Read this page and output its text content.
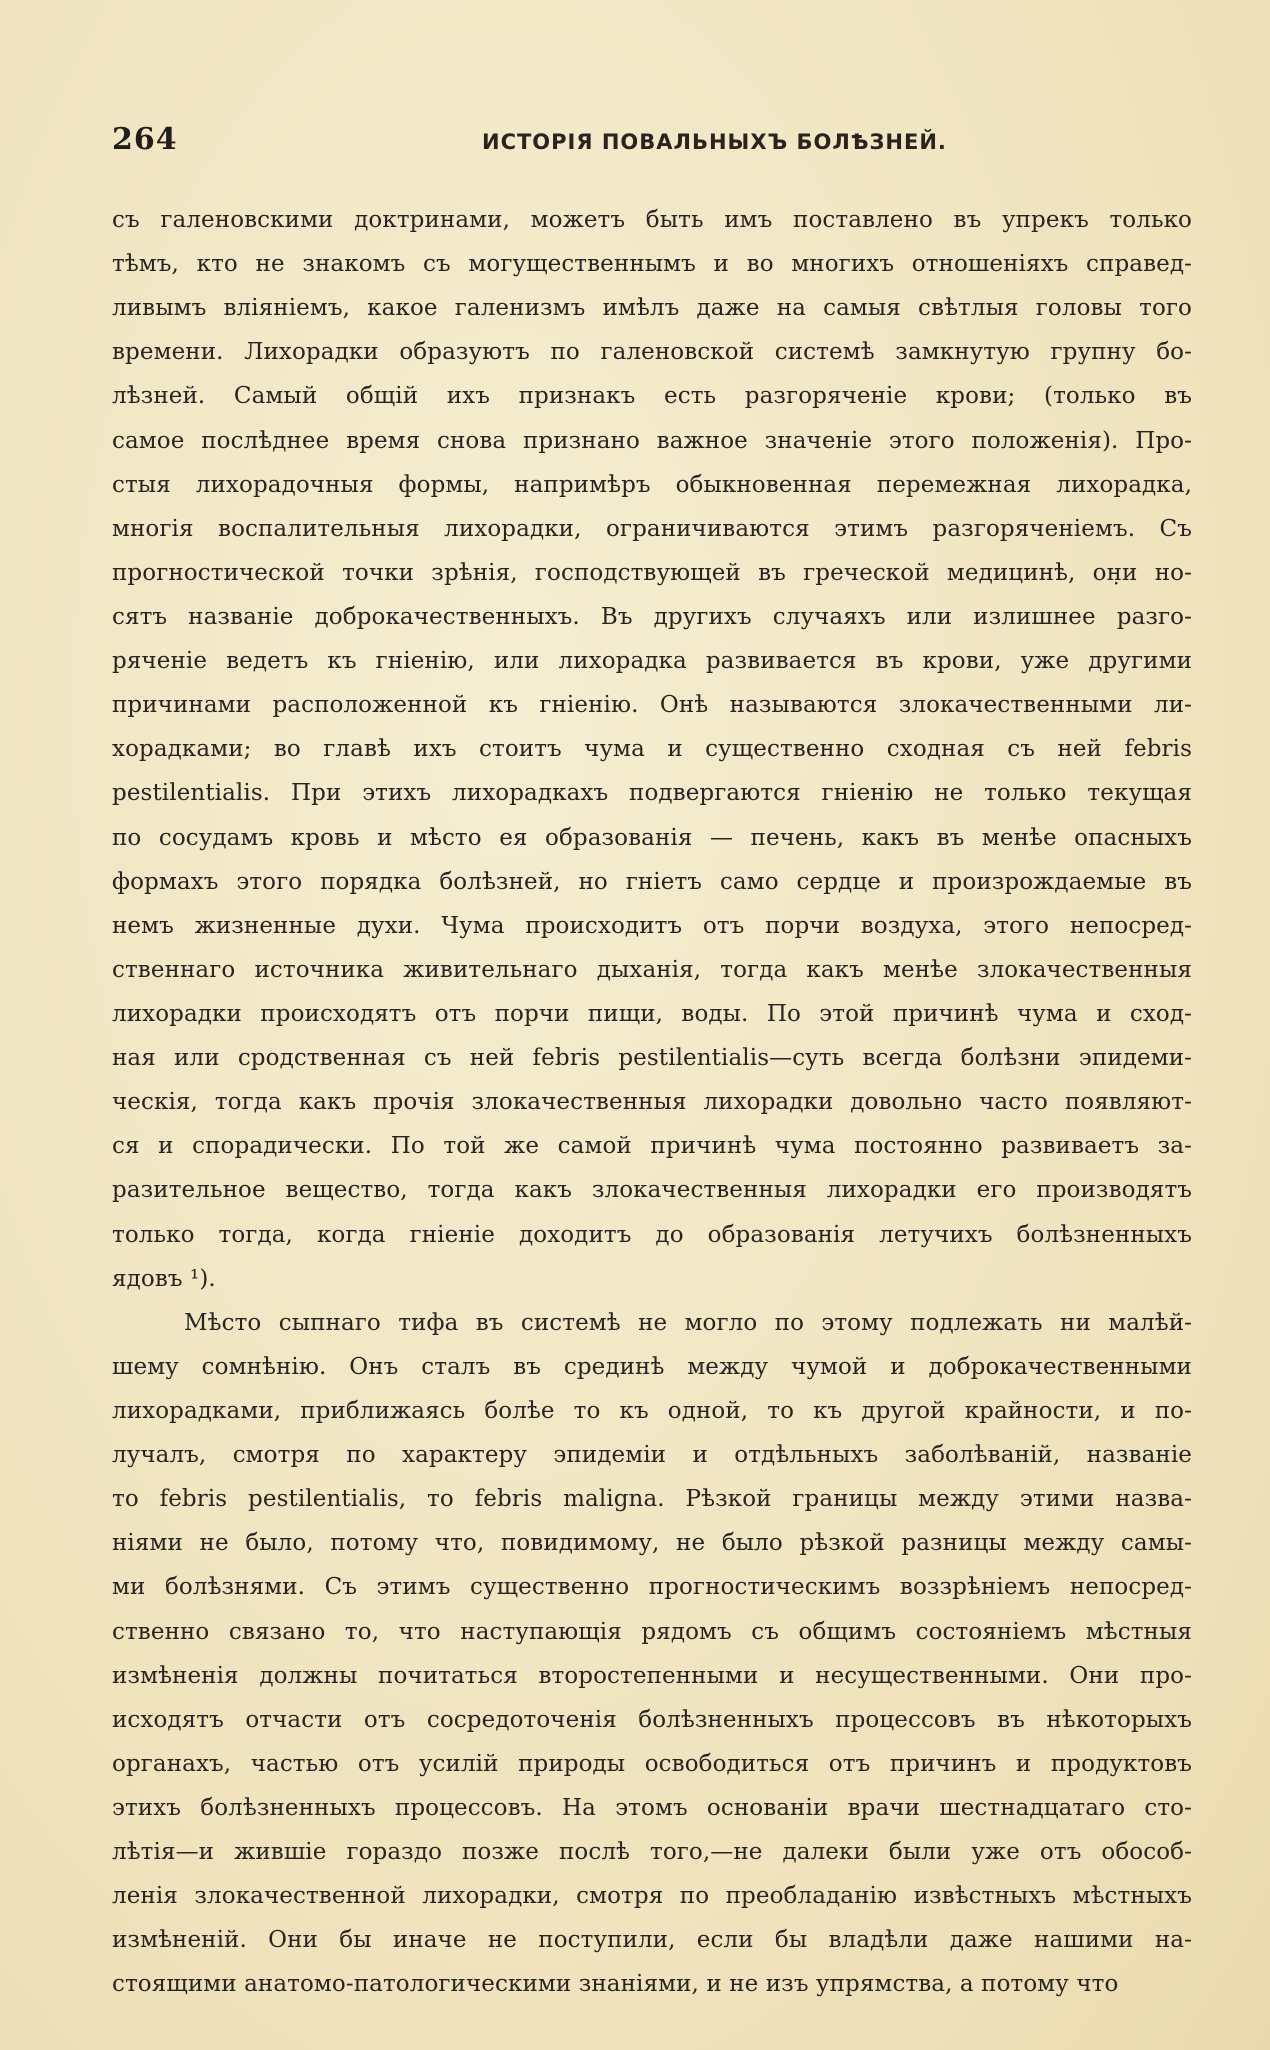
264	ИСТОРІЯ ПОВАЛЬНЫХЪ БОЛѢЗНЕЙ.
съ галеновскими доктринами, можетъ быть имъ поставлено въ упрекъ только
тѣмъ, кто не знакомъ съ могущественнымъ и во многихъ отношеніяхъ справед-
ливымъ вліяніемъ, какое галенизмъ имѣлъ даже на самыя свѣтлыя головы того
времени. Лихорадки образуютъ по галеновской системѣ замкнутую групну бо-
лѣзней. Самый общій ихъ признакъ есть разгоряченіе крови; (только въ
самое послѣднее время снова признано важное значеніе этого положенія). Про-
стыя лихорадочныя формы, напримѣръ обыкновенная перемежная лихорадка,
многія воспалительныя лихорадки, ограничиваются этимъ разгоряченіемъ. Съ
прогностической точки зрѣнія, господствующей въ греческой медицинѣ, он̣и но-
сятъ названіе доброкачественныхъ. Въ другихъ случаяхъ или излишнее разго-
ряченіе ведетъ къ гніенію, или лихорадка развивается въ крови, уже другими
причинами расположенной къ гніенію. Онѣ называются злокачественными ли-
хорадками; во главѣ ихъ стоитъ чума и существенно сходная съ ней febris
pestilentialis. При этихъ лихорадкахъ подвергаются гніенію не только текущая
по сосудамъ кровь и мѣсто ея образованія — печень, какъ въ менѣе опасныхъ
формахъ этого порядка болѣзней, но гніетъ само сердце и произрождаемые въ
немъ жизненные духи. Чума происходитъ отъ порчи воздуха, этого непосред-
ственнаго источника живительнаго дыханія, тогда какъ менѣе злокачественныя
лихорадки происходятъ отъ порчи пищи, воды. По этой причинѣ чума и сход-
ная или сродственная съ ней febris pestilentialis—суть всегда болѣзни эпидеми-
ческія, тогда какъ прочія злокачественныя лихорадки довольно часто появляют-
ся и спорадически. По той же самой причинѣ чума постоянно развиваетъ за-
разительное вещество, тогда какъ злокачественныя лихорадки его производятъ
только тогда, когда гніеніе доходитъ до образованія летучихъ болѣзненныхъ
ядовъ ¹).
Мѣсто сыпнаго тифа въ системѣ не могло по этому подлежать ни малѣй-
шему сомнѣнію. Онъ сталъ въ срединѣ между чумой и доброкачественными
лихорадками, приближаясь болѣе то къ одной, то къ другой крайности, и по-
лучалъ, смотря по характеру эпидеміи и отдѣльныхъ заболѣваній, названіе
то febris pestilentialis, то febris maligna. Рѣзкой границы между этими назва-
ніями не было, потому что, повидимому, не было рѣзкой разницы между самы-
ми болѣзнями. Съ этимъ существенно прогностическимъ воззрѣніемъ непосред-
ственно связано то, что наступающія рядомъ съ общимъ состояніемъ мѣстныя
измѣненія должны почитаться второстепенными и несущественными. Они про-
исходятъ отчасти отъ сосредоточенія болѣзненныхъ процессовъ въ нѣкоторыхъ
органахъ, частью отъ усилій природы освободиться отъ причинъ и продуктовъ
этихъ болѣзненныхъ процессовъ. На этомъ основаніи врачи шестнадцатаго сто-
лѣтія—и жившіе гораздо позже послѣ того,—не далеки были уже отъ обособ-
ленія злокачественной лихорадки, смотря по преобладанію извѣстныхъ мѣстныхъ
измѣненій. Они бы иначе не поступили, если бы владѣли даже нашими на-
стоящими анатомо-патологическими знаніями, и не изъ упрямства, а потому что
